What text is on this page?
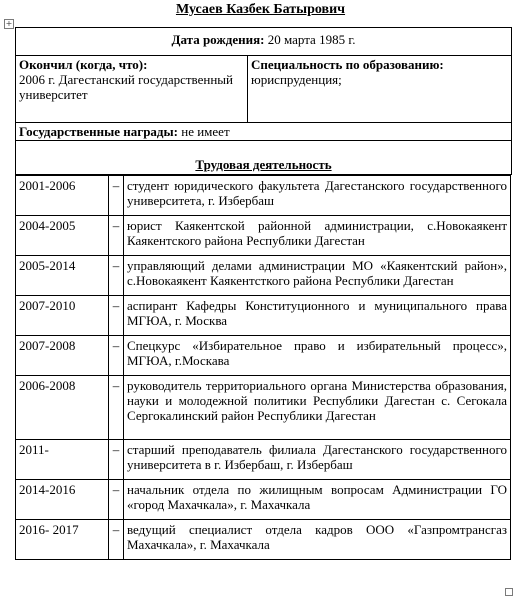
Мусаев Казбек Батырович
+
Дата рождения: 20 марта 1985 г.

Окончил (когда, что):
2006 г. Дагестанский государственный университет

Специальность по образованию:
юриспруденция;

Государственные награды: не имеет

Трудовая деятельность
2001-2006	–	студент юридического факультета Дагестанского государственного университета, г. Избербаш
2004-2005	–	юрист Каякентской районной администрации, с.Новокаякент Каякентского района Республики Дагестан
2005-2014	–	управляющий делами администрации МО «Каякентский район», с.Новокаякент Каякентсткого района Республики Дагестан
2007-2010	–	аспирант Кафедры Конституционного и муниципального права МГЮА, г. Москва
2007-2008	–	Спецкурс «Избирательное право и избирательный процесс», МГЮА, г.Москава
2006-2008	–	руководитель территориального органа Министерства образования, науки и молодежной политики Республики Дагестан с. Сегокала Сергокалинский район Республики Дагестан
2011-	–	старший преподаватель филиала Дагестанского государственного университета в г. Избербаш, г. Избербаш
2014-2016	–	начальник отдела по жилищным вопросам Администрации ГО «город Махачкала», г. Махачкала
2016- 2017	–	ведущий специалист отдела кадров ООО «Газпромтрансгаз Махачкала», г. Махачкала
